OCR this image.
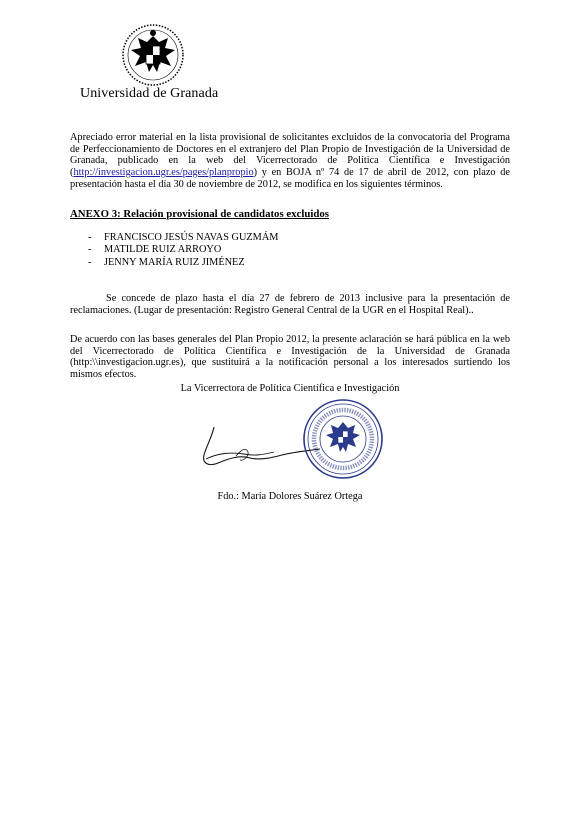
Universidad de Granada
Apreciado error material en la lista provisional de solicitantes excluidos de la convocatoria del Programa de Perfeccionamiento de Doctores en el extranjero del Plan Propio de Investigación de la Universidad de Granada, publicado en la web del Vicerrectorado de Política Científica e Investigación (http://investigacion.ugr.es/pages/planpropio) y en BOJA nº 74 de 17 de abril de 2012, con plazo de presentación hasta el día 30 de noviembre de 2012, se modifica en los siguientes términos.
ANEXO 3: Relación provisional de candidatos excluidos
- FRANCISCO JESÚS NAVAS GUZMÁM
- MATILDE RUIZ ARROYO
- JENNY MARÍA RUIZ JIMÉNEZ
Se concede de plazo hasta el día 27 de febrero de 2013 inclusive para la presentación de reclamaciones. (Lugar de presentación: Registro General Central de la UGR en el Hospital Real)..
De acuerdo con las bases generales del Plan Propio 2012, la presente aclaración se hará pública en la web del Vicerrectorado de Política Científica e Investigación de la Universidad de Granada (http:\\investigacion.ugr.es), que sustituirá a la notificación personal a los interesados surtiendo los mismos efectos.
La Vicerrectora de Política Científica e Investigación
Fdo.: María Dolores Suárez Ortega
